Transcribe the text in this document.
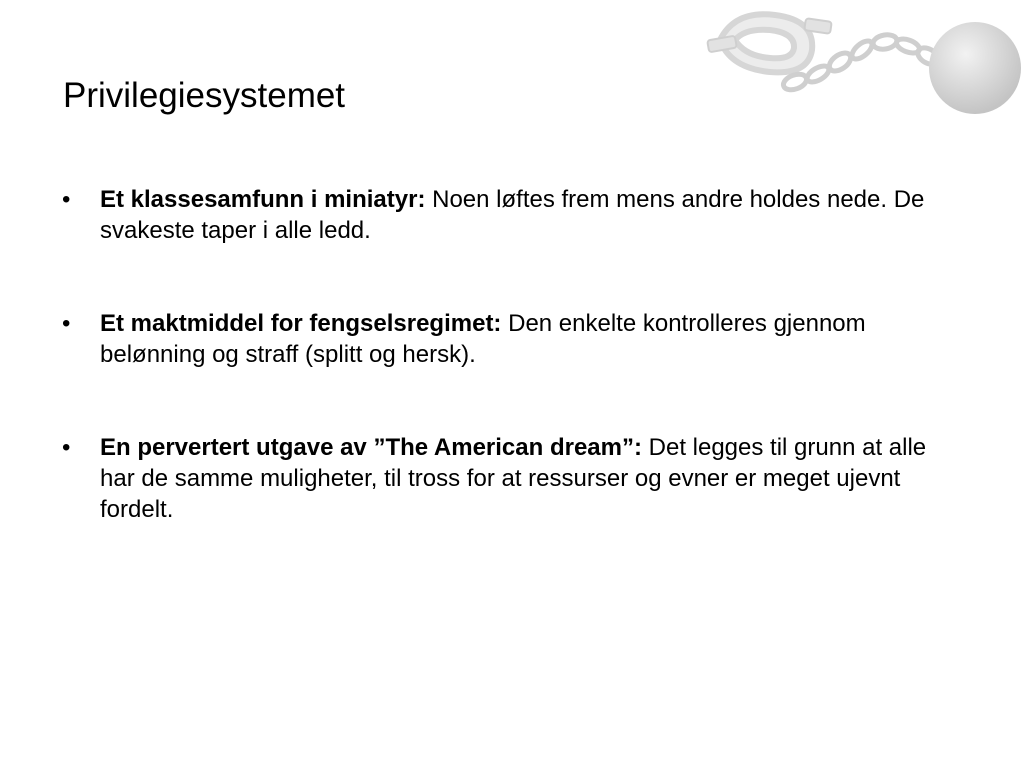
Privilegiesystemet
• Et klassesamfunn i miniatyr: Noen løftes frem mens andre holdes nede. De svakeste taper i alle ledd.
• Et maktmiddel for fengselsregimet: Den enkelte kontrolleres gjennom belønning og straff (splitt og hersk).
• En pervertert utgave av ”The American dream”: Det legges til grunn at alle har de samme muligheter, til tross for at ressurser og evner er meget ujevnt fordelt.
